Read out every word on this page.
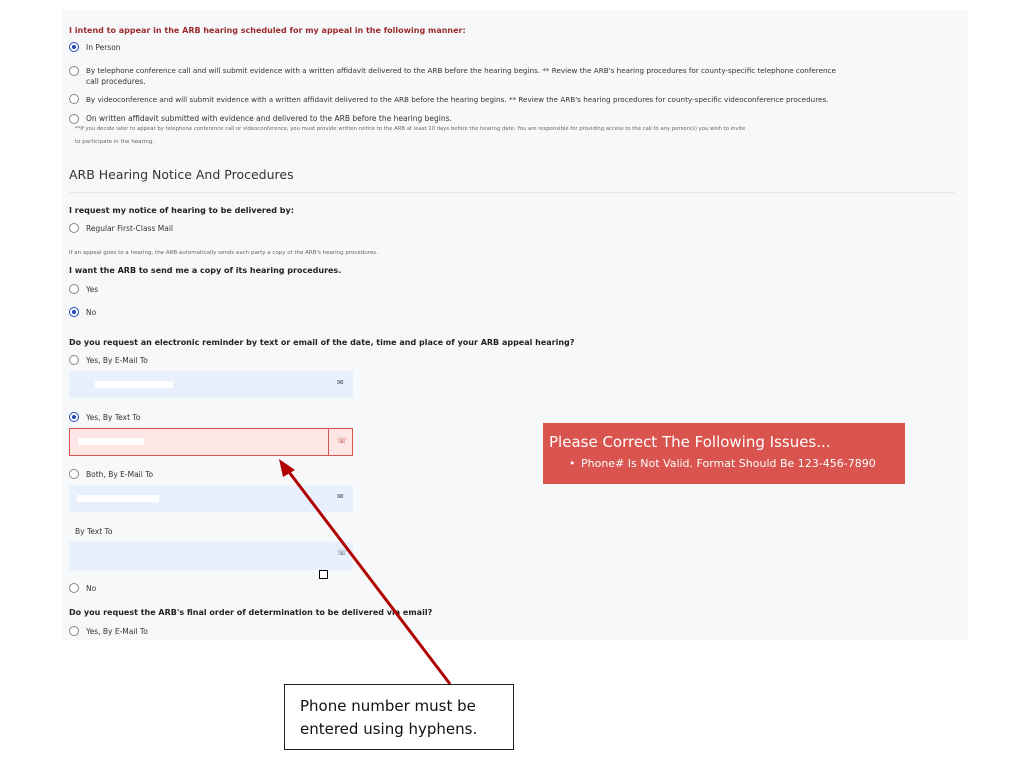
I intend to appear in the ARB hearing scheduled for my appeal in the following manner:
In Person
By telephone conference call and will submit evidence with a written affidavit delivered to the ARB before the hearing begins. ** Review the ARB's hearing procedures for county-specific telephone conference
call procedures.
By videoconference and will submit evidence with a written affidavit delivered to the ARB before the hearing begins. ** Review the ARB's hearing procedures for county-specific videoconference procedures.
On written affidavit submitted with evidence and delivered to the ARB before the hearing begins.
**If you decide later to appear by telephone conference call or videoconference, you must provide written notice to the ARB at least 10 days before the hearing date. You are responsible for providing access to the call to any person(s) you wish to invite
to participate in the hearing.
ARB Hearing Notice And Procedures
I request my notice of hearing to be delivered by:
Regular First-Class Mail
If an appeal goes to a hearing, the ARB automatically sends each party a copy of the ARB's hearing procedures.
I want the ARB to send me a copy of its hearing procedures.
Yes
No
Do you request an electronic reminder by text or email of the date, time and place of your ARB appeal hearing?
Yes, By E-Mail To
✉
Yes, By Text To
☏
Both, By E-Mail To
✉
By Text To
☏
No
Do you request the ARB's final order of determination to be delivered via email?
Yes, By E-Mail To
Please Correct The Following Issues...
• Phone# Is Not Valid. Format Should Be 123-456-7890
Phone number must be entered using hyphens.
